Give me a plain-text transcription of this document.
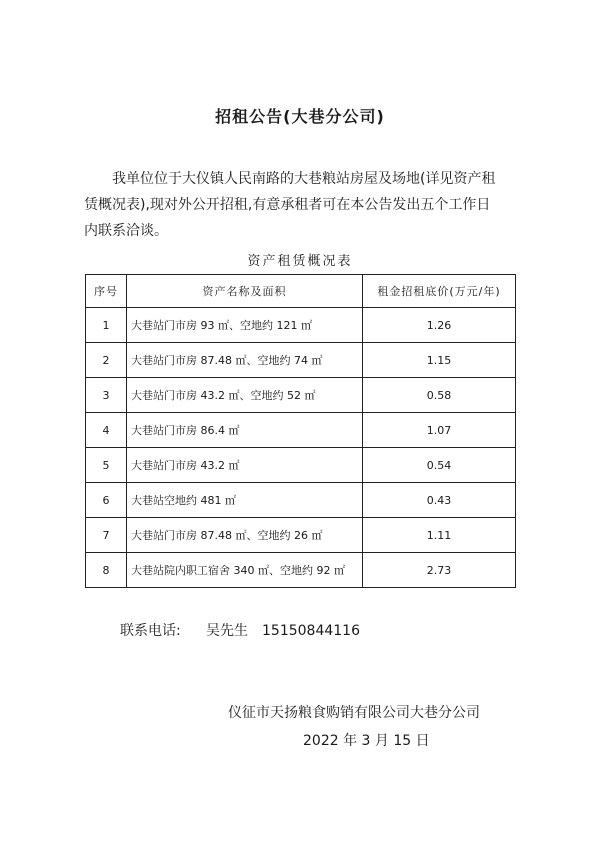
招租公告(大巷分公司)

我单位位于大仪镇人民南路的大巷粮站房屋及场地(详见资产租赁概况表),现对外公开招租,有意承租者可在本公告发出五个工作日内联系洽谈。

资产租赁概况表
序号	资产名称及面积	租金招租底价(万元/年)
1	大巷站门市房 93 ㎡、空地约 121 ㎡	1.26
2	大巷站门市房 87.48 ㎡、空地约 74 ㎡	1.15
3	大巷站门市房 43.2 ㎡、空地约 52 ㎡	0.58
4	大巷站门市房 86.4 ㎡	1.07
5	大巷站门市房 43.2 ㎡	0.54
6	大巷站空地约 481 ㎡	0.43
7	大巷站门市房 87.48 ㎡、空地约 26 ㎡	1.11
8	大巷站院内职工宿舍 340 ㎡、空地约 92 ㎡	2.73
联系电话: 吴先生 15150844116
仪征市天扬粮食购销有限公司大巷分公司
2022 年 3 月 15 日
